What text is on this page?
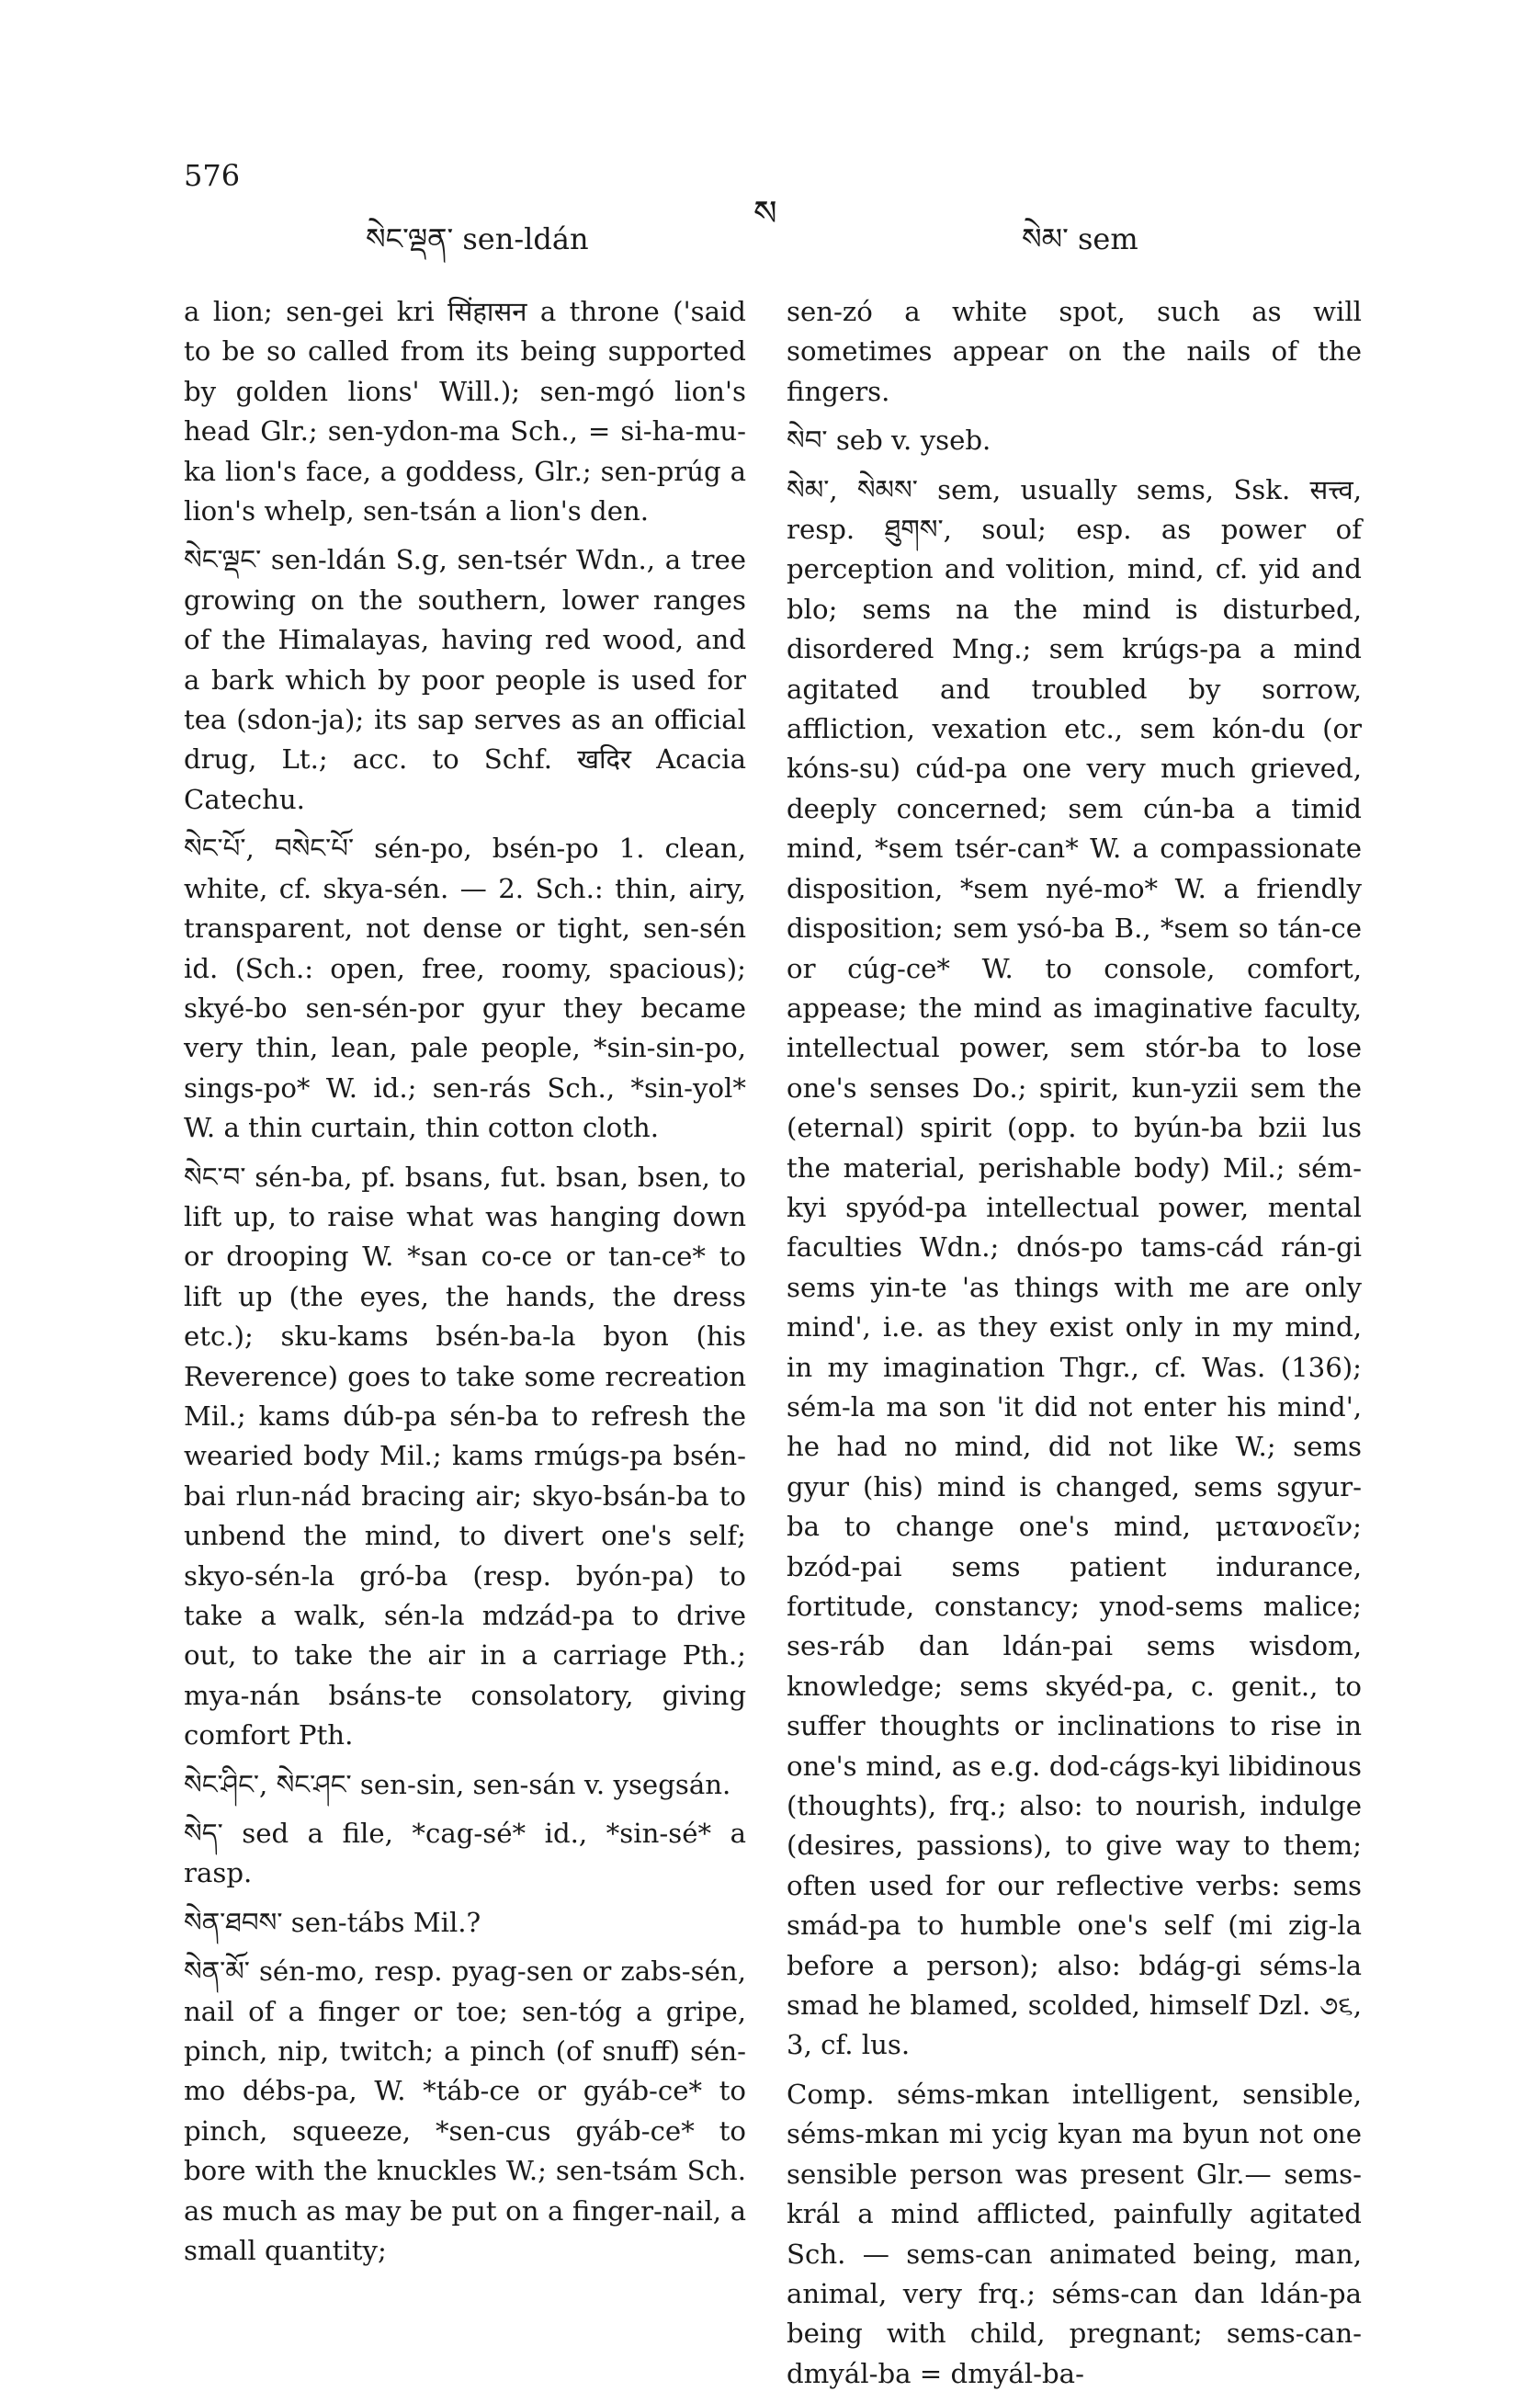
576
སེང་ལྡན་ sen-ldán
ས
སེམ་ sem

a lion; sen-gei kri सिंहासन a throne ('said to be so called from its being supported by golden lions' Will.); sen-mgó lion's head Glr.; sen-ydon-ma Sch., = si-ha-mu-ka lion's face, a goddess, Glr.; sen-prúg a lion's whelp, sen-tsán a lion's den.

སེང་ལྡང་ sen-ldán S.g, sen-tsér Wdn., a tree growing on the southern, lower ranges of the Himalayas, having red wood, and a bark which by poor people is used for tea (sdon-ja); its sap serves as an official drug, Lt.; acc. to Schf. खदिर Acacia Catechu.

སེང་པོ་, བསེང་པོ་ sén-po, bsén-po 1. clean, white, cf. skya-sén. — 2. Sch.: thin, airy, transparent, not dense or tight, sen-sén id. (Sch.: open, free, roomy, spacious); skyé-bo sen-sén-por gyur they became very thin, lean, pale people, *sin-sin-po, sings-po* W. id.; sen-rás Sch., *sin-yol* W. a thin curtain, thin cotton cloth.

སེང་བ་ sén-ba, pf. bsans, fut. bsan, bsen, to lift up, to raise what was hanging down or drooping W. *san co-ce or tan-ce* to lift up (the eyes, the hands, the dress etc.); sku-kams bsén-ba-la byon (his Reverence) goes to take some recreation Mil.; kams dúb-pa sén-ba to refresh the wearied body Mil.; kams rmúgs-pa bsén-bai rlun-nád bracing air; skyo-bsán-ba to unbend the mind, to divert one's self; skyo-sén-la gró-ba (resp. byón-pa) to take a walk, sén-la mdzád-pa to drive out, to take the air in a carriage Pth.; mya-nán bsáns-te consolatory, giving comfort Pth.

སེང་ཤིང་, སེང་ཤང་ sen-sin, sen-sán v. ysegsán.

སེད་ sed a file, *cag-sé* id., *sin-sé* a rasp.

སེན་ཐབས་ sen-tábs Mil.?

སེན་མོ་ sén-mo, resp. pyag-sen or zabs-sén, nail of a finger or toe; sen-tóg a gripe, pinch, nip, twitch; a pinch (of snuff) sén-mo débs-pa, W. *táb-ce or gyáb-ce* to pinch, squeeze, *sen-cus gyáb-ce* to bore with the knuckles W.; sen-tsám Sch. as much as may be put on a finger-nail, a small quantity;

sen-zó a white spot, such as will sometimes appear on the nails of the fingers.

སེབ་ seb v. yseb.

སེམ་, སེམས་ sem, usually sems, Ssk. सत्त्व, resp. ཐུགས་, soul; esp. as power of perception and volition, mind, cf. yid and blo; sems na the mind is disturbed, disordered Mng.; sem krúgs-pa a mind agitated and troubled by sorrow, affliction, vexation etc., sem kón-du (or kóns-su) cúd-pa one very much grieved, deeply concerned; sem cún-ba a timid mind, *sem tsér-can* W. a compassionate disposition, *sem nyé-mo* W. a friendly disposition; sem ysó-ba B., *sem so tán-ce or cúg-ce* W. to console, comfort, appease; the mind as imaginative faculty, intellectual power, sem stór-ba to lose one's senses Do.; spirit, kun-yzii sem the (eternal) spirit (opp. to byún-ba bzii lus the material, perishable body) Mil.; sém-kyi spyód-pa intellectual power, mental faculties Wdn.; dnós-po tams-cád rán-gi sems yin-te 'as things with me are only mind', i.e. as they exist only in my mind, in my imagination Thgr., cf. Was. (136); sém-la ma son 'it did not enter his mind', he had no mind, did not like W.; sems gyur (his) mind is changed, sems sgyur-ba to change one's mind, μετανοεῖν; bzód-pai sems patient indurance, fortitude, constancy; ynod-sems malice; ses-ráb dan ldán-pai sems wisdom, knowledge; sems skyéd-pa, c. genit., to suffer thoughts or inclinations to rise in one's mind, as e.g. dod-cágs-kyi libidinous (thoughts), frq.; also: to nourish, indulge (desires, passions), to give way to them; often used for our reflective verbs: sems smád-pa to humble one's self (mi zig-la before a person); also: bdág-gi séms-la smad he blamed, scolded, himself Dzl. ૭૬, 3, cf. lus.

Comp. séms-mkan intelligent, sensible, séms-mkan mi ycig kyan ma byun not one sensible person was present Glr.— sems-král a mind afflicted, painfully agitated Sch. — sems-can animated being, man, animal, very frq.; séms-can dan ldán-pa being with child, pregnant; sems-can-dmyál-ba = dmyál-ba-
